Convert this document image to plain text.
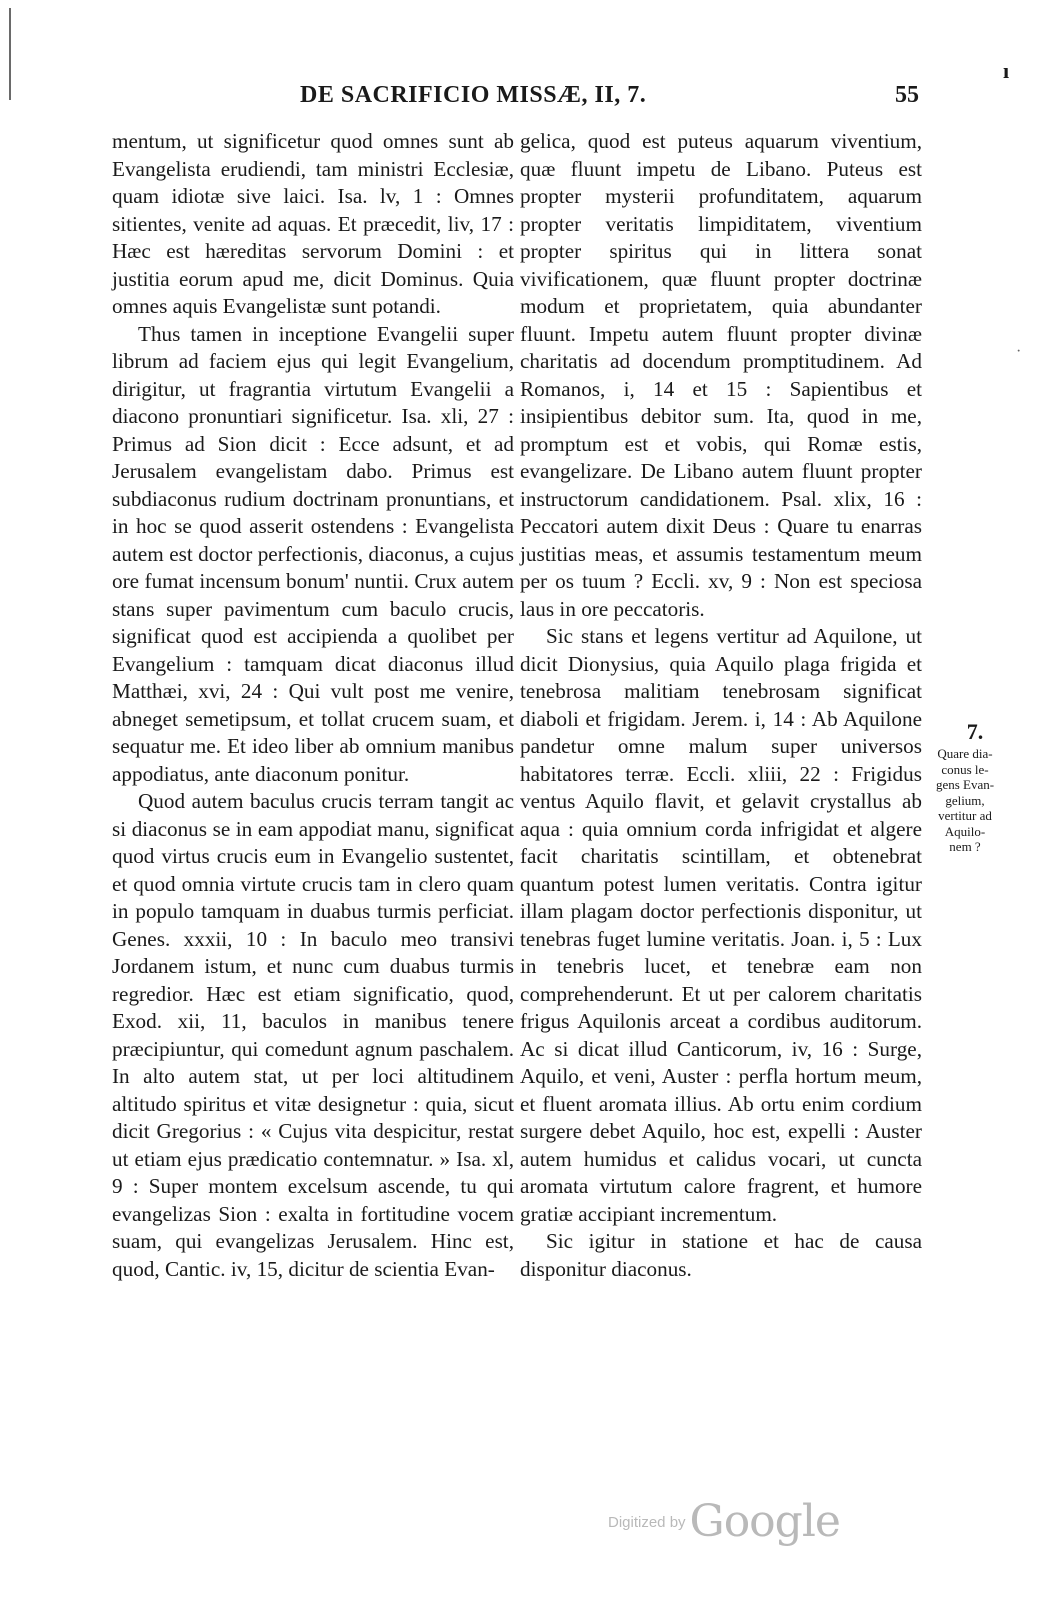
ı
DE SACRIFICIO MISSÆ, II, 7.	55

mentum, ut significetur quod omnes sunt ab Evangelista erudiendi, tam ministri Ecclesiæ, quam idiotæ sive laici. Isa. lv, 1 : Omnes sitientes, venite ad aquas. Et præcedit, liv, 17 : Hæc est hæreditas servorum Domini : et justitia eorum apud me, dicit Dominus. Quia omnes aquis Evangelistæ sunt potandi.

Thus tamen in inceptione Evangelii super librum ad faciem ejus qui legit Evangelium, dirigitur, ut fragrantia virtutum Evangelii a diacono pronuntiari significetur. Isa. xli, 27 : Primus ad Sion dicit : Ecce adsunt, et ad Jerusalem evangelistam dabo. Primus est subdiaconus rudium doctrinam pronuntians, et in hoc se quod asserit ostendens : Evangelista autem est doctor perfectionis, diaconus, a cujus ore fumat incensum bonum' nuntii. Crux autem stans super pavimentum cum baculo crucis, significat quod est accipienda a quolibet per Evangelium : tamquam dicat diaconus illud Matthæi, xvi, 24 : Qui vult post me venire, abneget semetipsum, et tollat crucem suam, et sequatur me. Et ideo liber ab omnium manibus appodiatus, ante diaconum ponitur.

Quod autem baculus crucis terram tangit ac si diaconus se in eam appodiat manu, significat quod virtus crucis eum in Evangelio sustentet, et quod omnia virtute crucis tam in clero quam in populo tamquam in duabus turmis perficiat. Genes. xxxii, 10 : In baculo meo transivi Jordanem istum, et nunc cum duabus turmis regredior. Hæc est etiam significatio, quod, Exod. xii, 11, baculos in manibus tenere præcipiuntur, qui comedunt agnum paschalem. In alto autem stat, ut per loci altitudinem altitudo spiritus et vitæ designetur : quia, sicut dicit Gregorius : « Cujus vita despicitur, restat ut etiam ejus prædicatio contemnatur. » Isa. xl, 9 : Super montem excelsum ascende, tu qui evangelizas Sion : exalta in fortitudine vocem suam, qui evangelizas Jerusalem. Hinc est, quod, Cantic. iv, 15, dicitur de scientia Evan-

gelica, quod est puteus aquarum viventium, quæ fluunt impetu de Libano. Puteus est propter mysterii profunditatem, aquarum propter veritatis limpiditatem, viventium propter spiritus qui in littera sonat vivificationem, quæ fluunt propter doctrinæ modum et proprietatem, quia abundanter fluunt. Impetu autem fluunt propter divinæ charitatis ad docendum promptitudinem. Ad Romanos, i, 14 et 15 : Sapientibus et insipientibus debitor sum. Ita, quod in me, promptum est et vobis, qui Romæ estis, evangelizare. De Libano autem fluunt propter instructorum candidationem. Psal. xlix, 16 : Peccatori autem dixit Deus : Quare tu enarras justitias meas, et assumis testamentum meum per os tuum ? Eccli. xv, 9 : Non est speciosa laus in ore peccatoris.

Sic stans et legens vertitur ad Aquilone, ut dicit Dionysius, quia Aquilo plaga frigida et tenebrosa malitiam tenebrosam significat diaboli et frigidam. Jerem. i, 14 : Ab Aquilone pandetur omne malum super universos habitatores terræ. Eccli. xliii, 22 : Frigidus ventus Aquilo flavit, et gelavit crystallus ab aqua : quia omnium corda infrigidat et algere facit charitatis scintillam, et obtenebrat quantum potest lumen veritatis. Contra igitur illam plagam doctor perfectionis disponitur, ut tenebras fuget lumine veritatis. Joan. i, 5 : Lux in tenebris lucet, et tenebræ eam non comprehenderunt. Et ut per calorem charitatis frigus Aquilonis arceat a cordibus auditorum. Ac si dicat illud Canticorum, iv, 16 : Surge, Aquilo, et veni, Auster : perfla hortum meum, et fluent aromata illius. Ab ortu enim cordium surgere debet Aquilo, hoc est, expelli : Auster autem humidus et calidus vocari, ut cuncta aromata virtutum calore fragrent, et humore gratiæ accipiant incrementum.

Sic igitur in statione et hac de causa disponitur diaconus.

7.
Quare dia-
conus le-
gens Evan-
gelium,
vertitur ad
Aquilo-
nem ?
·
Digitized by Google
